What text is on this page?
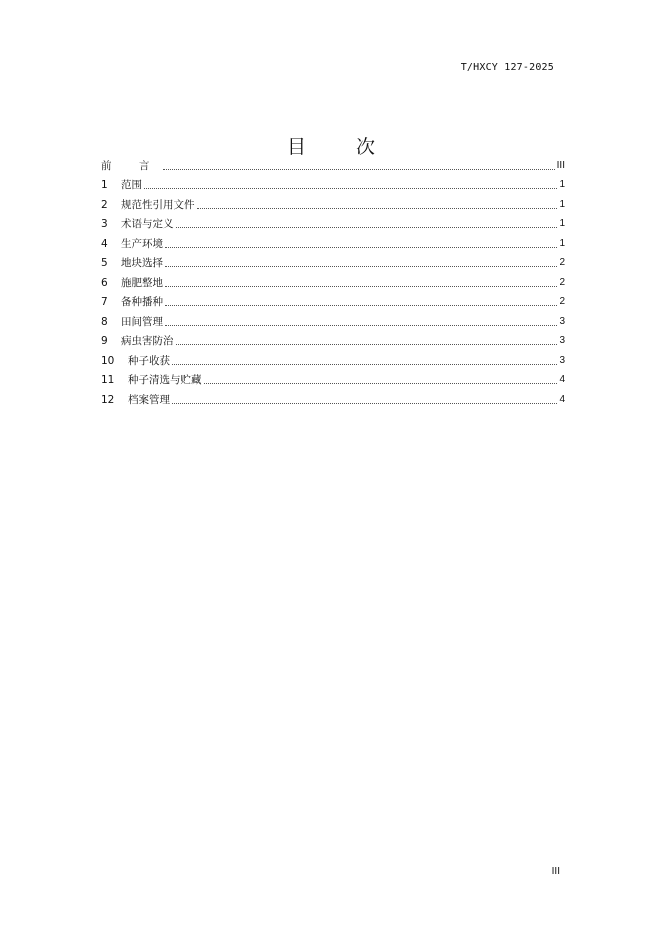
T/HXCY 127-2025
目 次
前 言	III
1	范围	1
2	规范性引用文件	1
3	术语与定义	1
4	生产环境	1
5	地块选择	2
6	施肥整地	2
7	备种播种	2
8	田间管理	3
9	病虫害防治	3
10	种子收获	3
11	种子清选与贮藏	4
12	档案管理	4
III
